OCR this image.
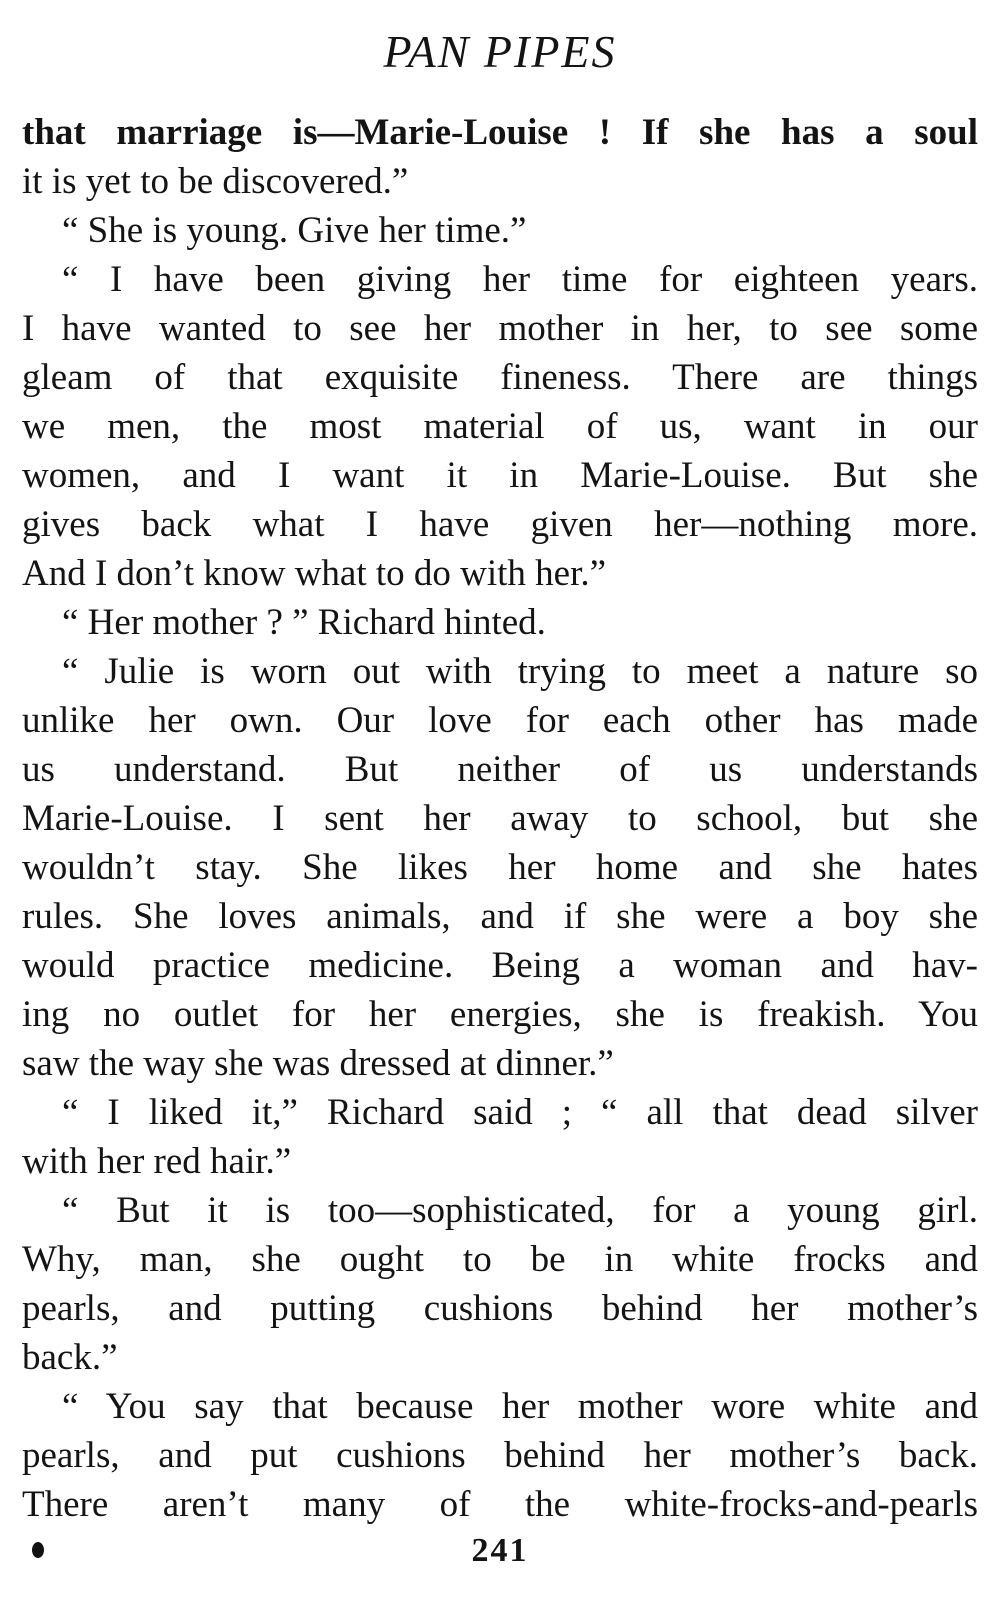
PAN PIPES
that marriage is—Marie-Louise ! If she has a soul
it is yet to be discovered.”
“ She is young. Give her time.”
“ I have been giving her time for eighteen years.
I have wanted to see her mother in her, to see some
gleam of that exquisite fineness. There are things
we men, the most material of us, want in our
women, and I want it in Marie-Louise. But she
gives back what I have given her—nothing more.
And I don’t know what to do with her.”
“ Her mother ? ” Richard hinted.
“ Julie is worn out with trying to meet a nature so
unlike her own. Our love for each other has made
us understand. But neither of us understands
Marie-Louise. I sent her away to school, but she
wouldn’t stay. She likes her home and she hates
rules. She loves animals, and if she were a boy she
would practice medicine. Being a woman and hav-
ing no outlet for her energies, she is freakish. You
saw the way she was dressed at dinner.”
“ I liked it,” Richard said ; “ all that dead silver
with her red hair.”
“ But it is too—sophisticated, for a young girl.
Why, man, she ought to be in white frocks and
pearls, and putting cushions behind her mother’s
back.”
“ You say that because her mother wore white and
pearls, and put cushions behind her mother’s back.
There aren’t many of the white-frocks-and-pearls
241
